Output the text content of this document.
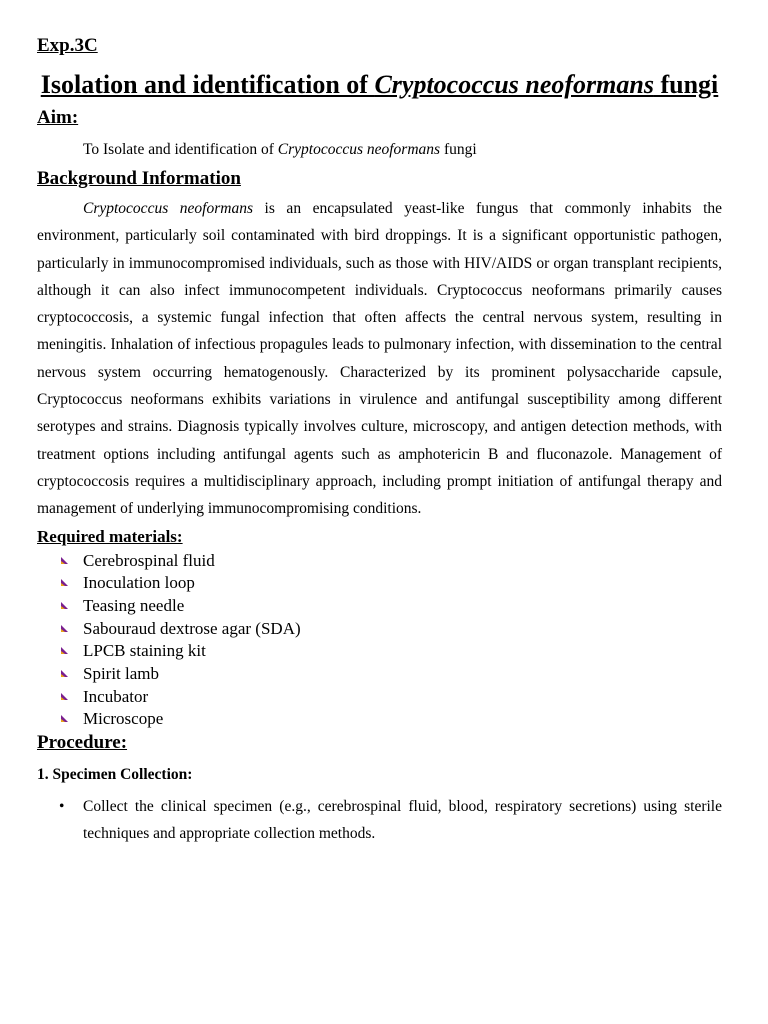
Exp.3C

Isolation and identification of Cryptococcus neoformans fungi
Aim:

To Isolate and identification of Cryptococcus neoformans fungi

Background Information

Cryptococcus neoformans is an encapsulated yeast-like fungus that commonly inhabits the environment, particularly soil contaminated with bird droppings. It is a significant opportunistic pathogen, particularly in immunocompromised individuals, such as those with HIV/AIDS or organ transplant recipients, although it can also infect immunocompetent individuals. Cryptococcus neoformans primarily causes cryptococcosis, a systemic fungal infection that often affects the central nervous system, resulting in meningitis. Inhalation of infectious propagules leads to pulmonary infection, with dissemination to the central nervous system occurring hematogenously. Characterized by its prominent polysaccharide capsule, Cryptococcus neoformans exhibits variations in virulence and antifungal susceptibility among different serotypes and strains. Diagnosis typically involves culture, microscopy, and antigen detection methods, with treatment options including antifungal agents such as amphotericin B and fluconazole. Management of cryptococcosis requires a multidisciplinary approach, including prompt initiation of antifungal therapy and management of underlying immunocompromising conditions.

Required materials:
Cerebrospinal fluid
Inoculation loop
Teasing needle
Sabouraud dextrose agar (SDA)
LPCB staining kit
Spirit lamb
Incubator
Microscope
Procedure:

1. Specimen Collection:

• Collect the clinical specimen (e.g., cerebrospinal fluid, blood, respiratory secretions) using sterile techniques and appropriate collection methods.
